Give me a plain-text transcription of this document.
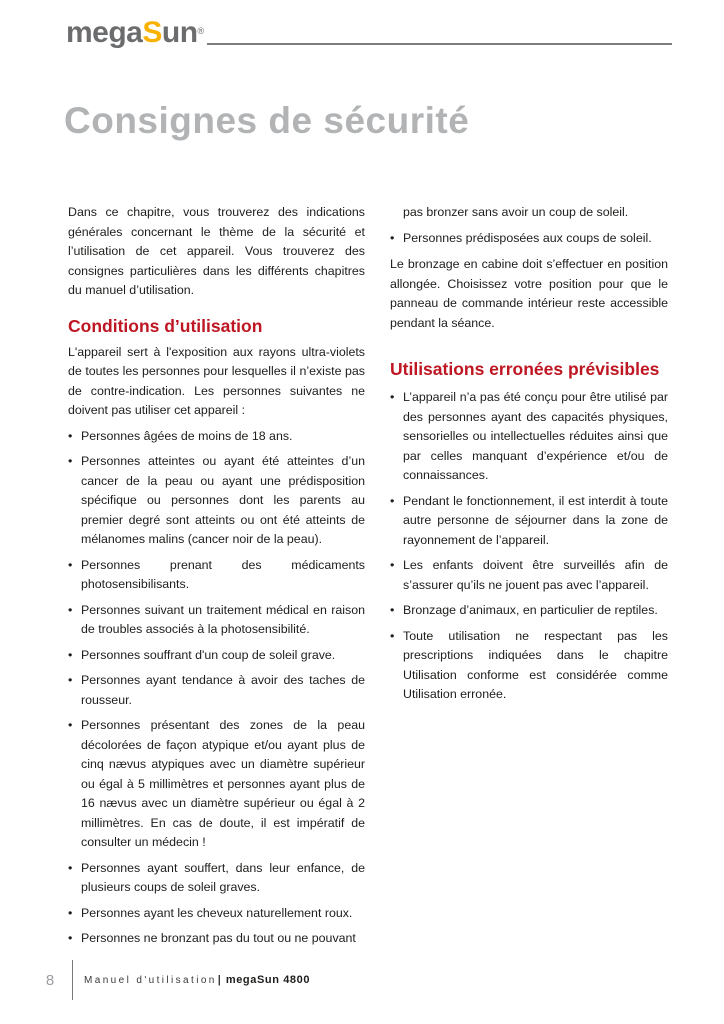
megaSun®
Consignes de sécurité

Dans ce chapitre, vous trouverez des indications générales concernant le thème de la sécurité et l’utilisation de cet appareil. Vous trouverez des consignes particulières dans les différents chapitres du manuel d’utilisation.

Conditions d’utilisation

L'appareil sert à l'exposition aux rayons ultra-violets de toutes les personnes pour lesquelles il n’existe pas de contre-indication. Les personnes suivantes ne doivent pas utiliser cet appareil :

• Personnes âgées de moins de 18 ans.
• Personnes atteintes ou ayant été atteintes d’un cancer de la peau ou ayant une prédisposition spécifique ou personnes dont les parents au premier degré sont atteints ou ont été atteints de mélanomes malins (cancer noir de la peau).
• Personnes prenant des médicaments photosensibilisants.
• Personnes suivant un traitement médical en raison de troubles associés à la photosensibilité.
• Personnes souffrant d'un coup de soleil grave.
• Personnes ayant tendance à avoir des taches de rousseur.
• Personnes présentant des zones de la peau décolorées de façon atypique et/ou ayant plus de cinq nævus atypiques avec un diamètre supérieur ou égal à 5 millimètres et personnes ayant plus de 16 nævus avec un diamètre supérieur ou égal à 2 millimètres. En cas de doute, il est impératif de consulter un médecin !
• Personnes ayant souffert, dans leur enfance, de plusieurs coups de soleil graves.
• Personnes ayant les cheveux naturellement roux.
• Personnes ne bronzant pas du tout ou ne pouvant

pas bronzer sans avoir un coup de soleil.

• Personnes prédisposées aux coups de soleil.

Le bronzage en cabine doit s’effectuer en position allongée. Choisissez votre position pour que le panneau de commande intérieur reste accessible pendant la séance.

Utilisations erronées prévisibles
• L’appareil n’a pas été conçu pour être utilisé par des personnes ayant des capacités physiques, sensorielles ou intellectuelles réduites ainsi que par celles manquant d’expérience et/ou de connaissances.
• Pendant le fonctionnement, il est interdit à toute autre personne de séjourner dans la zone de rayonnement de l’appareil.
• Les enfants doivent être surveillés afin de s’assurer qu’ils ne jouent pas avec l’appareil.
• Bronzage d’animaux, en particulier de reptiles.
• Toute utilisation ne respectant pas les prescriptions indiquées dans le chapitre Utilisation conforme est considérée comme Utilisation erronée.
8	Manuel d'utilisation | megaSun 4800
